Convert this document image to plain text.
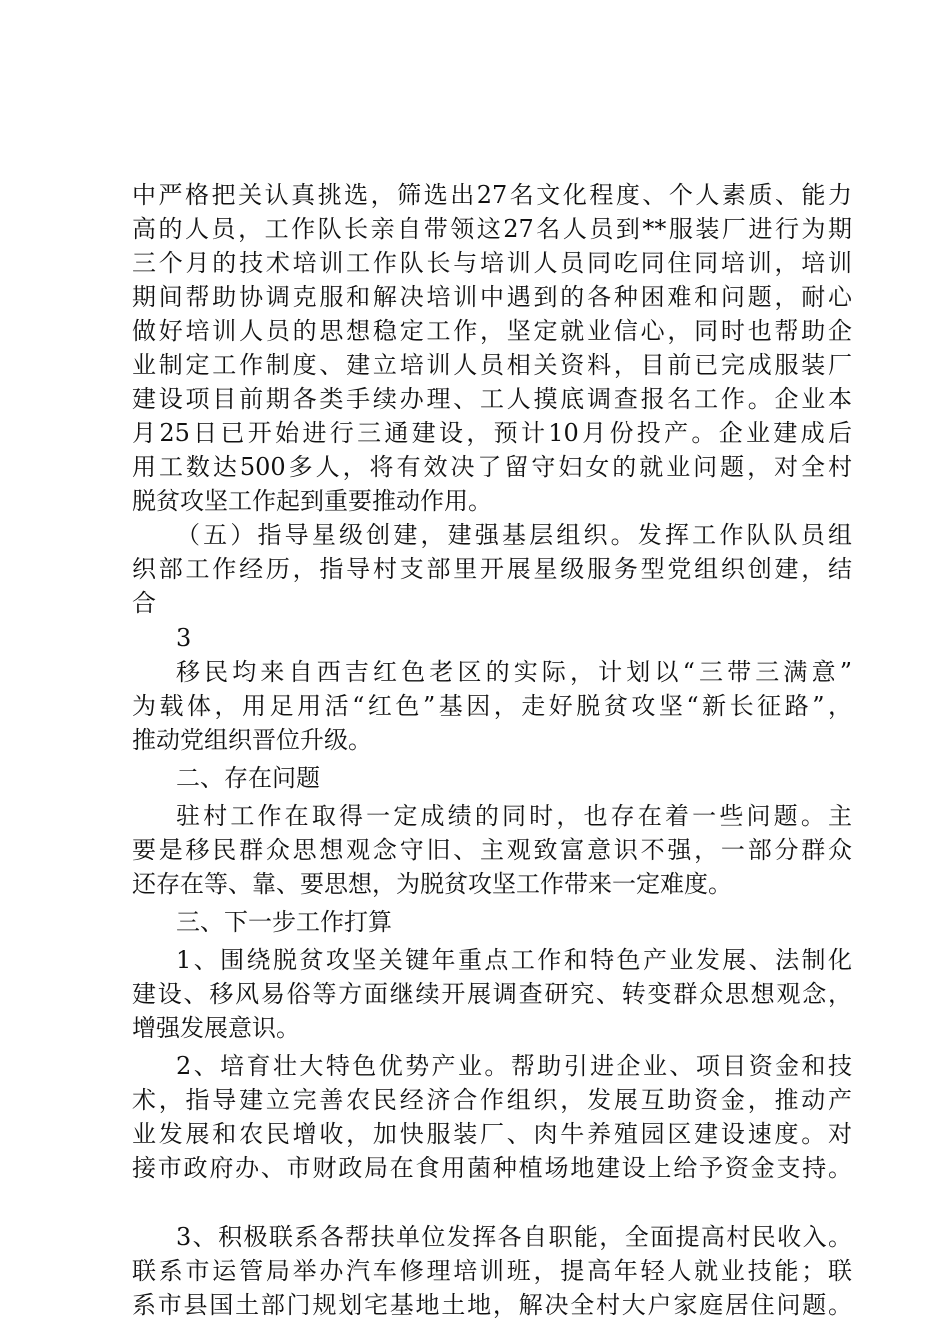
中严格把关认真挑选，筛选出27名文化程度、个人素质、能力
高的人员，工作队长亲自带领这27名人员到**服装厂进行为期
三个月的技术培训工作队长与培训人员同吃同住同培训，培训
期间帮助协调克服和解决培训中遇到的各种困难和问题，耐心
做好培训人员的思想稳定工作，坚定就业信心，同时也帮助企
业制定工作制度、建立培训人员相关资料，目前已完成服装厂
建设项目前期各类手续办理、工人摸底调查报名工作。企业本
月25日已开始进行三通建设，预计10月份投产。企业建成后
用工数达500多人，将有效决了留守妇女的就业问题，对全村
脱贫攻坚工作起到重要推动作用。
（五）指导星级创建，建强基层组织。发挥工作队队员组
织部工作经历，指导村支部里开展星级服务型党组织创建，结
合
移民均来自西吉红色老区的实际，计划以“三带三满意”
为载体，用足用活“红色”基因，走好脱贫攻坚“新长征路”，
推动党组织晋位升级。
二、存在问题
驻村工作在取得一定成绩的同时，也存在着一些问题。主
要是移民群众思想观念守旧、主观致富意识不强，一部分群众
还存在等、靠、要思想，为脱贫攻坚工作带来一定难度。
三、下一步工作打算
1、围绕脱贫攻坚关键年重点工作和特色产业发展、法制化
建设、移风易俗等方面继续开展调查研究、转变群众思想观念，
增强发展意识。
2、培育壮大特色优势产业。帮助引进企业、项目资金和技
术，指导建立完善农民经济合作组织，发展互助资金，推动产
业发展和农民增收，加快服装厂、肉牛养殖园区建设速度。对
接市政府办、市财政局在食用菌种植场地建设上给予资金支持。
3、积极联系各帮扶单位发挥各自职能，全面提高村民收入。
联系市运管局举办汽车修理培训班，提高年轻人就业技能；联
系市县国土部门规划宅基地土地，解决全村大户家庭居住问题。
3
